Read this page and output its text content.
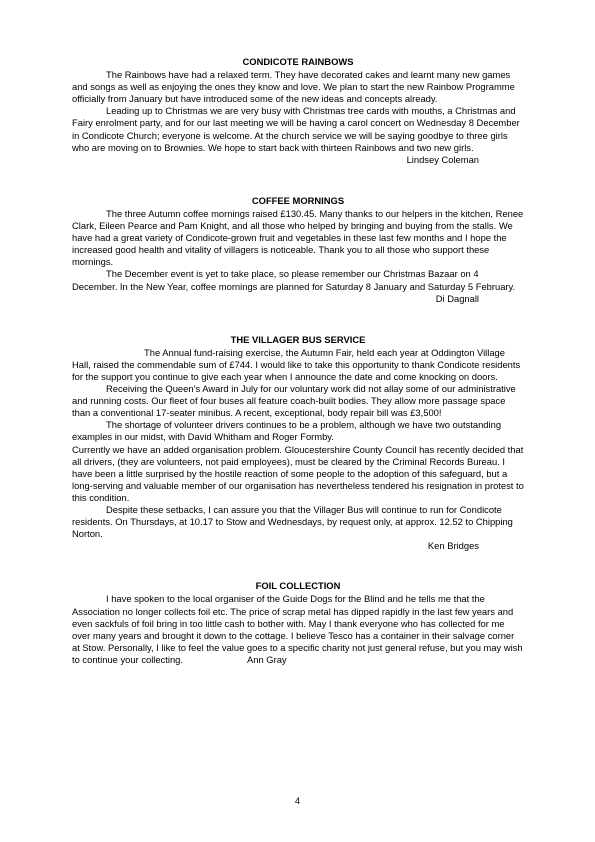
CONDICOTE RAINBOWS

The Rainbows have had a relaxed term. They have decorated cakes and learnt many new games and songs as well as enjoying the ones they know and love. We plan to start the new Rainbow Programme officially from January but have introduced some of the new ideas and concepts already.

Leading up to Christmas we are very busy with Christmas tree cards with mouths, a Christmas and Fairy enrolment party, and for our last meeting we will be having a carol concert on Wednesday 8 December in Condicote Church; everyone is welcome. At the church service we will be saying goodbye to three girls who are moving on to Brownies. We hope to start back with thirteen Rainbows and two new girls.

Lindsey Coleman

COFFEE MORNINGS

The three Autumn coffee mornings raised £130.45. Many thanks to our helpers in the kitchen, Renee Clark, Eileen Pearce and Pam Knight, and all those who helped by bringing and buying from the stalls. We have had a great variety of Condicote-grown fruit and vegetables in these last few months and I hope the increased good health and vitality of villagers is noticeable. Thank you to all those who support these mornings.

The December event is yet to take place, so please remember our Christmas Bazaar on 4 December. In the New Year, coffee mornings are planned for Saturday 8 January and Saturday 5 February.

Di Dagnall

THE VILLAGER BUS SERVICE

The Annual fund-raising exercise, the Autumn Fair, held each year at Oddington Village Hall, raised the commendable sum of £744. I would like to take this opportunity to thank Condicote residents for the support you continue to give each year when I announce the date and come knocking on doors.

Receiving the Queen’s Award in July for our voluntary work did not allay some of our administrative and running costs. Our fleet of four buses all feature coach-built bodies. They allow more passage space than a conventional 17-seater minibus. A recent, exceptional, body repair bill was £3,500!

The shortage of volunteer drivers continues to be a problem, although we have two outstanding examples in our midst, with David Whitham and Roger Formby.

Currently we have an added organisation problem. Gloucestershire County Council has recently decided that all drivers, (they are volunteers, not paid employees), must be cleared by the Criminal Records Bureau. I have been a little surprised by the hostile reaction of some people to the adoption of this safeguard, but a long-serving and valuable member of our organisation has nevertheless tendered his resignation in protest to this condition.

Despite these setbacks, I can assure you that the Villager Bus will continue to run for Condicote residents. On Thursdays, at 10.17 to Stow and Wednesdays, by request only, at approx. 12.52 to Chipping Norton.

Ken Bridges

FOIL COLLECTION

I have spoken to the local organiser of the Guide Dogs for the Blind and he tells me that the Association no longer collects foil etc. The price of scrap metal has dipped rapidly in the last few years and even sackfuls of foil bring in too little cash to bother with. May I thank everyone who has collected for me over many years and brought it down to the cottage. I believe Tesco has a container in their salvage corner at Stow. Personally, I like to feel the value goes to a specific charity not just general refuse, but you may wish to continue your collecting.	Ann Gray

4
